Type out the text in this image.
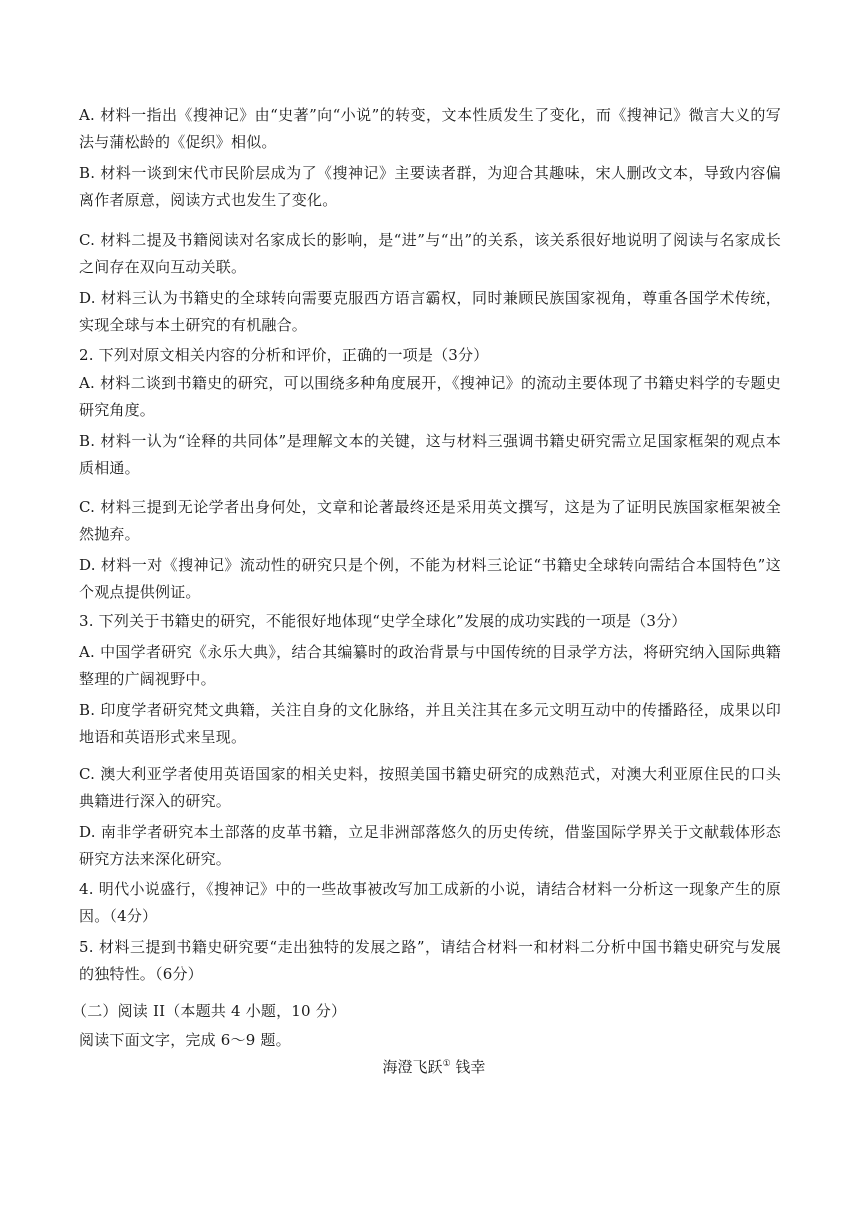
A. 材料一指出《搜神记》由“史著”向“小说”的转变，文本性质发生了变化，而《搜神记》微言大义的写法与蒲松龄的《促织》相似。

B. 材料一谈到宋代市民阶层成为了《搜神记》主要读者群，为迎合其趣味，宋人删改文本，导致内容偏离作者原意，阅读方式也发生了变化。

C. 材料二提及书籍阅读对名家成长的影响，是“进”与“出”的关系，该关系很好地说明了阅读与名家成长之间存在双向互动关联。

D. 材料三认为书籍史的全球转向需要克服西方语言霸权，同时兼顾民族国家视角，尊重各国学术传统，实现全球与本土研究的有机融合。

2. 下列对原文相关内容的分析和评价，正确的一项是（3分）

A. 材料二谈到书籍史的研究，可以围绕多种角度展开，《搜神记》的流动主要体现了书籍史料学的专题史研究角度。

B. 材料一认为“诠释的共同体”是理解文本的关键，这与材料三强调书籍史研究需立足国家框架的观点本质相通。

C. 材料三提到无论学者出身何处，文章和论著最终还是采用英文撰写，这是为了证明民族国家框架被全然抛弃。

D. 材料一对《搜神记》流动性的研究只是个例，不能为材料三论证“书籍史全球转向需结合本国特色”这个观点提供例证。

3. 下列关于书籍史的研究，不能很好地体现“史学全球化”发展的成功实践的一项是（3分）

A. 中国学者研究《永乐大典》，结合其编纂时的政治背景与中国传统的目录学方法，将研究纳入国际典籍整理的广阔视野中。

B. 印度学者研究梵文典籍，关注自身的文化脉络，并且关注其在多元文明互动中的传播路径，成果以印地语和英语形式来呈现。

C. 澳大利亚学者使用英语国家的相关史料，按照美国书籍史研究的成熟范式，对澳大利亚原住民的口头典籍进行深入的研究。

D. 南非学者研究本土部落的皮革书籍，立足非洲部落悠久的历史传统，借鉴国际学界关于文献载体形态研究方法来深化研究。

4. 明代小说盛行，《搜神记》中的一些故事被改写加工成新的小说，请结合材料一分析这一现象产生的原因。（4分）

5. 材料三提到书籍史研究要“走出独特的发展之路”，请结合材料一和材料二分析中国书籍史研究与发展的独特性。（6分）

（二）阅读 II（本题共 4 小题，10 分）

阅读下面文字，完成 6～9 题。

海澄飞跃① 钱幸
